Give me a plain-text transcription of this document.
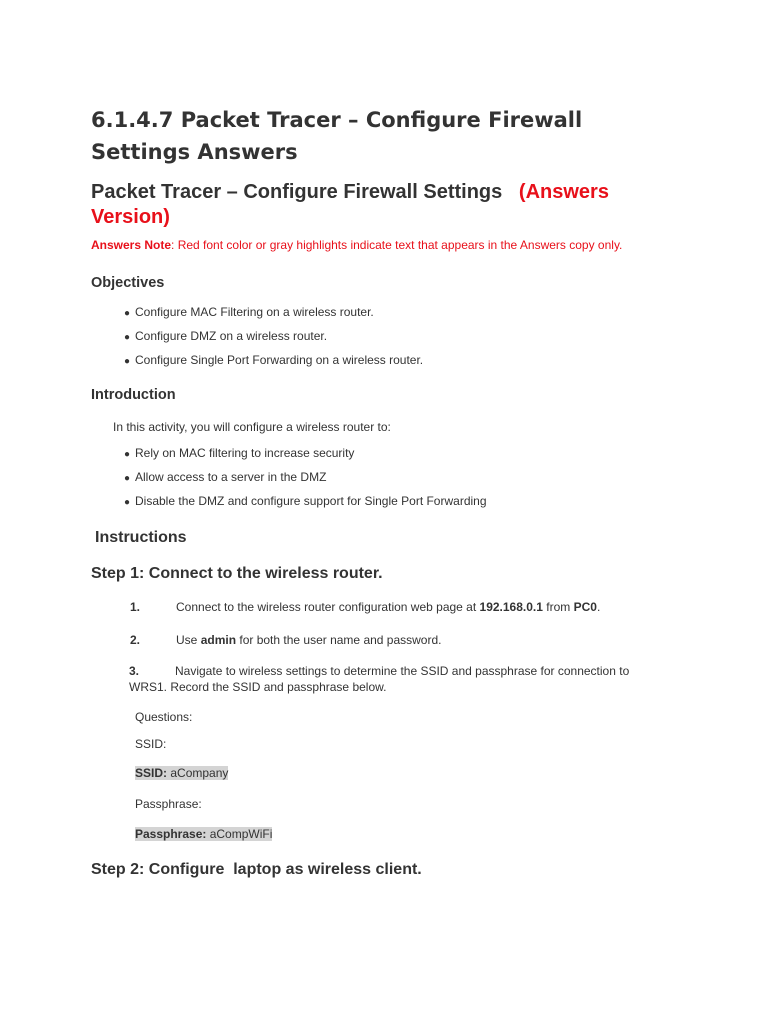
6.1.4.7 Packet Tracer – Configure Firewall
Settings Answers
Packet Tracer – Configure Firewall Settings (Answers
Version)

Answers Note: Red font color or gray highlights indicate text that appears in the Answers copy only.

Objectives
● Configure MAC Filtering on a wireless router.
● Configure DMZ on a wireless router.
● Configure Single Port Forwarding on a wireless router.
Introduction
In this activity, you will configure a wireless router to:
● Rely on MAC filtering to increase security
● Allow access to a server in the DMZ
● Disable the DMZ and configure support for Single Port Forwarding
Instructions
Step 1: Connect to the wireless router.
1.	Connect to the wireless router configuration web page at 192.168.0.1 from PC0.
2.	Use admin for both the user name and password.
3.	Navigate to wireless settings to determine the SSID and passphrase for connection to
WRS1. Record the SSID and passphrase below.
Questions:
SSID:
SSID: aCompany
Passphrase:
Passphrase: aCompWiFi
Step 2: Configure  laptop as wireless client.
